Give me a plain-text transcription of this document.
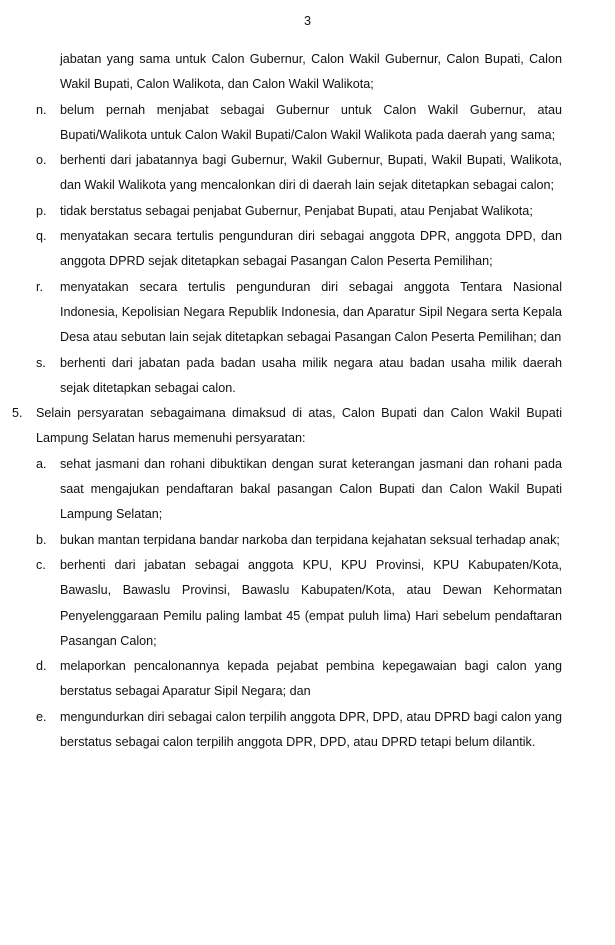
3
jabatan yang sama untuk Calon Gubernur, Calon Wakil Gubernur, Calon Bupati, Calon Wakil Bupati, Calon Walikota, dan Calon Wakil Walikota;
n.	belum pernah menjabat sebagai Gubernur untuk Calon Wakil Gubernur, atau Bupati/Walikota untuk Calon Wakil Bupati/Calon Wakil Walikota pada daerah yang sama;
o.	berhenti dari jabatannya bagi Gubernur, Wakil Gubernur, Bupati, Wakil Bupati, Walikota, dan Wakil Walikota yang mencalonkan diri di daerah lain sejak ditetapkan sebagai calon;
p.	tidak berstatus sebagai penjabat Gubernur, Penjabat Bupati, atau Penjabat Walikota;
q.	menyatakan secara tertulis pengunduran diri sebagai anggota DPR, anggota DPD, dan anggota DPRD sejak ditetapkan sebagai Pasangan Calon Peserta Pemilihan;
r.	menyatakan secara tertulis pengunduran diri sebagai anggota Tentara Nasional Indonesia, Kepolisian Negara Republik Indonesia, dan Aparatur Sipil Negara serta Kepala Desa atau sebutan lain sejak ditetapkan sebagai Pasangan Calon Peserta Pemilihan; dan
s.	berhenti dari jabatan pada badan usaha milik negara atau badan usaha milik daerah sejak ditetapkan sebagai calon.
5.	Selain persyaratan sebagaimana dimaksud di atas, Calon Bupati dan Calon Wakil Bupati Lampung Selatan harus memenuhi persyaratan:
a.	sehat jasmani dan rohani dibuktikan dengan surat keterangan jasmani dan rohani pada saat mengajukan pendaftaran bakal pasangan Calon Bupati dan Calon Wakil Bupati Lampung Selatan;
b.	bukan mantan terpidana bandar narkoba dan terpidana kejahatan seksual terhadap anak;
c.	berhenti dari jabatan sebagai anggota KPU, KPU Provinsi, KPU Kabupaten/Kota, Bawaslu, Bawaslu Provinsi, Bawaslu Kabupaten/Kota, atau Dewan Kehormatan Penyelenggaraan Pemilu paling lambat 45 (empat puluh lima) Hari sebelum pendaftaran Pasangan Calon;
d.	melaporkan pencalonannya kepada pejabat pembina kepegawaian bagi calon yang berstatus sebagai Aparatur Sipil Negara; dan
e.	mengundurkan diri sebagai calon terpilih anggota DPR, DPD, atau DPRD bagi calon yang berstatus sebagai calon terpilih anggota DPR, DPD, atau DPRD tetapi belum dilantik.
